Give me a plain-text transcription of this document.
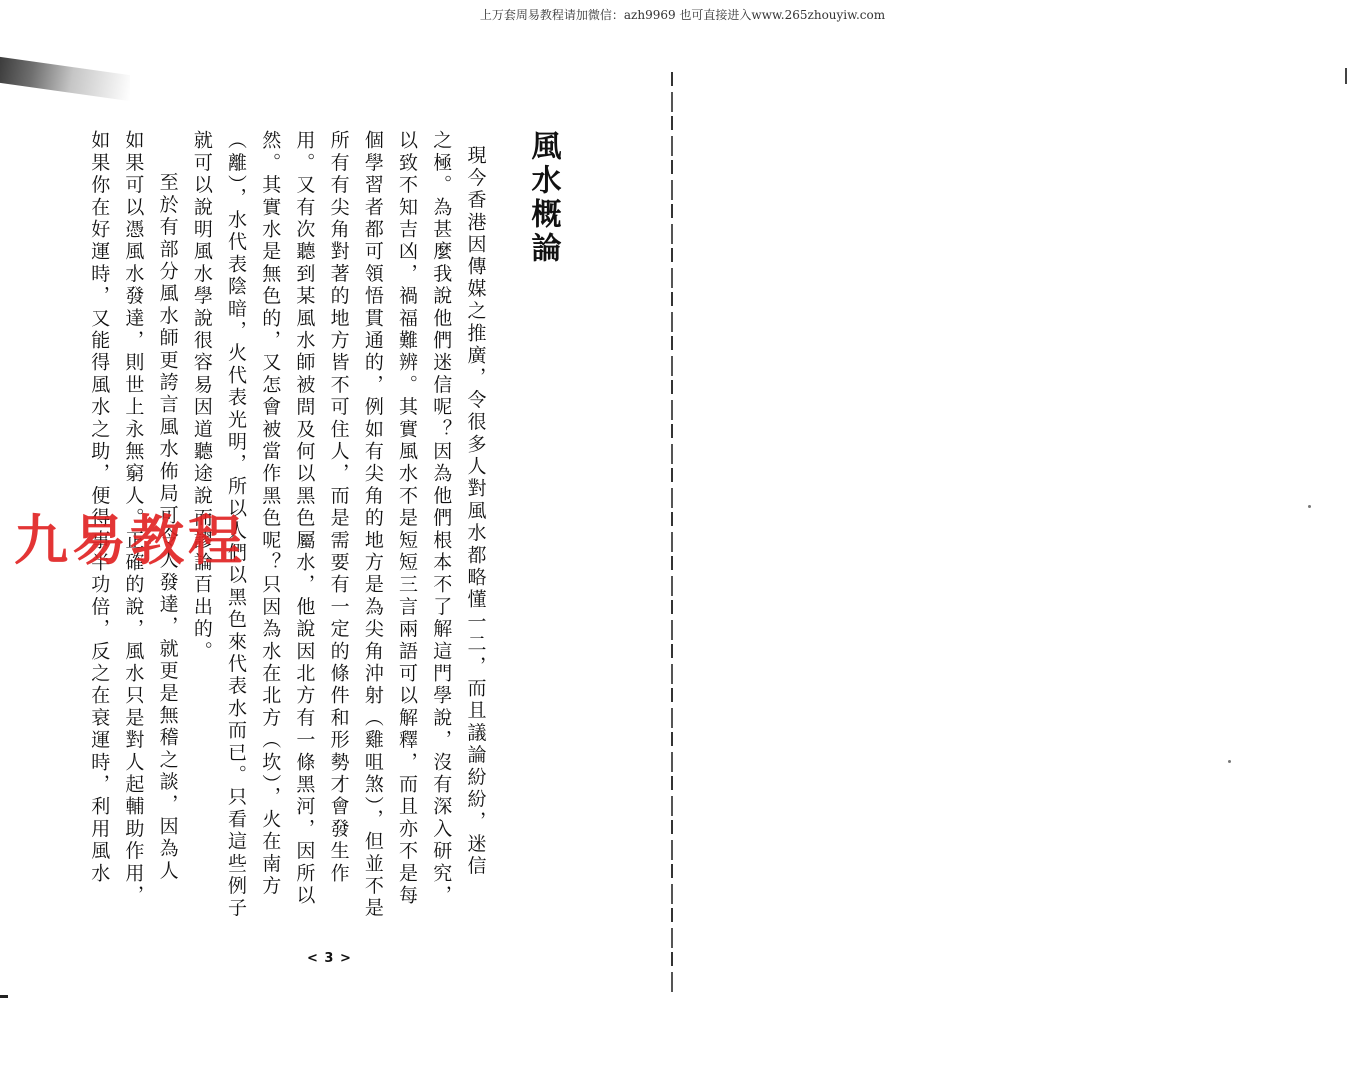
上万套周易教程请加微信：azh9969 也可直接进入www.265zhouyiw.com
風水概論
現今香港因傳媒之推廣，令很多人對風水都略懂一二，而且議論紛紛，迷信
之極。為甚麼我說他們迷信呢？因為他們根本不了解這門學說，沒有深入研究，
以致不知吉凶，禍福難辨。其實風水不是短短三言兩語可以解釋，而且亦不是每
個學習者都可領悟貫通的，例如有尖角的地方是為尖角沖射（雞咀煞），但並不是
所有有尖角對著的地方皆不可住人，而是需要有一定的條件和形勢才會發生作
用。又有次聽到某風水師被問及何以黑色屬水，他說因北方有一條黑河，因所以
然。其實水是無色的，又怎會被當作黑色呢？只因為水在北方（坎），火在南方
（離），水代表陰暗，火代表光明，所以人們以黑色來代表水而已。只看這些例子
就可以說明風水學說很容易因道聽途說而謬論百出的。
至於有部分風水師更誇言風水佈局可令人發達，就更是無稽之談，因為人
如果可以憑風水發達，則世上永無窮人。正確的說，風水只是對人起輔助作用，
如果你在好運時，又能得風水之助，便得事半功倍，反之在衰運時，利用風水
< 3 >
九易教程
